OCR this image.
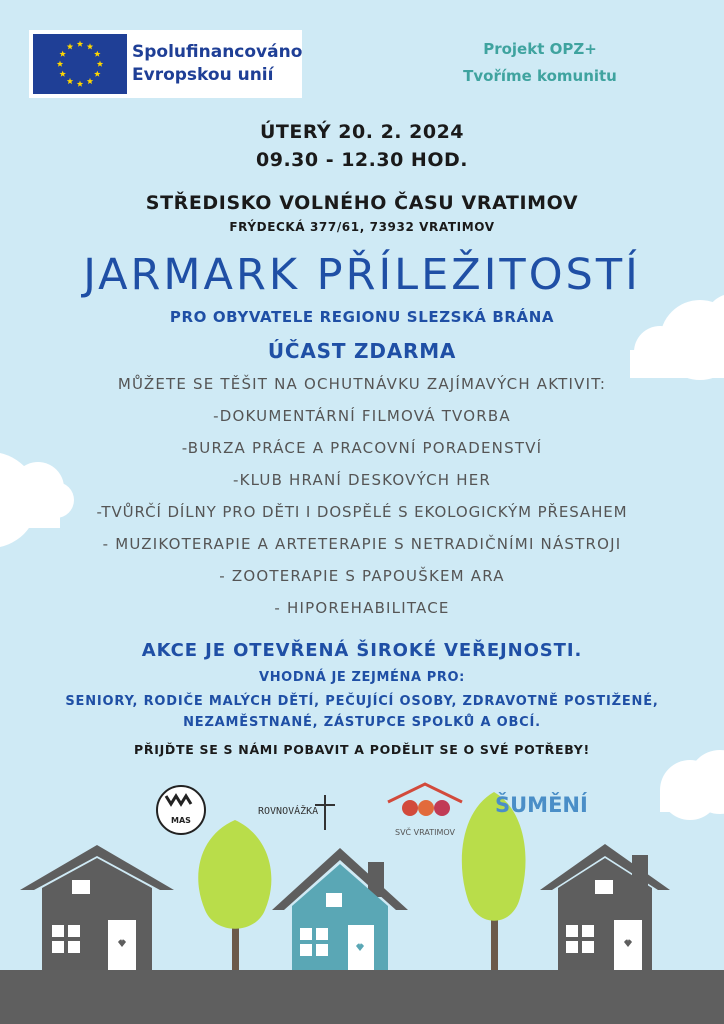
Spolufinancováno
Evropskou unií
Projekt OPZ+
Tvoříme komunitu
ÚTERÝ 20. 2. 2024
09.30 - 12.30 HOD.
STŘEDISKO VOLNÉHO ČASU VRATIMOV
FRÝDECKÁ 377/61, 73932 VRATIMOV
JARMARK PŘÍLEŽITOSTÍ
PRO OBYVATELE REGIONU SLEZSKÁ BRÁNA
ÚČAST ZDARMA
MŮŽETE SE TĚŠIT NA OCHUTNÁVKU ZAJÍMAVÝCH AKTIVIT:
-DOKUMENTÁRNÍ FILMOVÁ TVORBA
-BURZA PRÁCE A PRACOVNÍ PORADENSTVÍ
-KLUB HRANÍ DESKOVÝCH HER
-TVŮRČÍ DÍLNY PRO DĚTI I DOSPĚLÉ S EKOLOGICKÝM PŘESAHEM
- MUZIKOTERAPIE A ARTETERAPIE S NETRADIČNÍMI NÁSTROJI
- ZOOTERAPIE S PAPOUŠKEM ARA
- HIPOREHABILITACE
AKCE JE OTEVŘENÁ ŠIROKÉ VEŘEJNOSTI.
VHODNÁ JE ZEJMÉNA PRO:
SENIORY, RODIČE MALÝCH DĚTÍ, PEČUJÍCÍ OSOBY, ZDRAVOTNĚ POSTIŽENÉ,
NEZAMĚSTNANÉ, ZÁSTUPCE SPOLKŮ A OBCÍ.
PŘIJĎTE SE S NÁMI POBAVIT A PODĚLIT SE O SVÉ POTŘEBY!
MAS
ROVNOVÁŽKA
SVČ VRATIMOV
ŠUMĚNÍ
